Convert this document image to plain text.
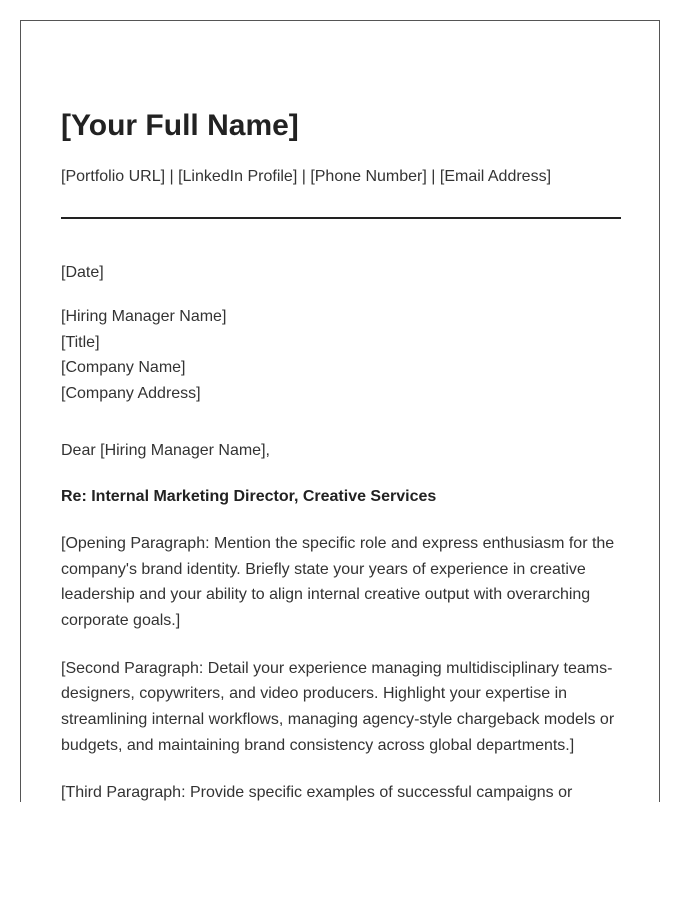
[Your Full Name]
[Portfolio URL] | [LinkedIn Profile] | [Phone Number] | [Email Address]
[Date]
[Hiring Manager Name]
[Title]
[Company Name]
[Company Address]
Dear [Hiring Manager Name],
Re: Internal Marketing Director, Creative Services
[Opening Paragraph: Mention the specific role and express enthusiasm for the company's brand identity. Briefly state your years of experience in creative leadership and your ability to align internal creative output with overarching corporate goals.]
[Second Paragraph: Detail your experience managing multidisciplinary teams-designers, copywriters, and video producers. Highlight your expertise in streamlining internal workflows, managing agency-style chargeback models or budgets, and maintaining brand consistency across global departments.]
[Third Paragraph: Provide specific examples of successful campaigns or
